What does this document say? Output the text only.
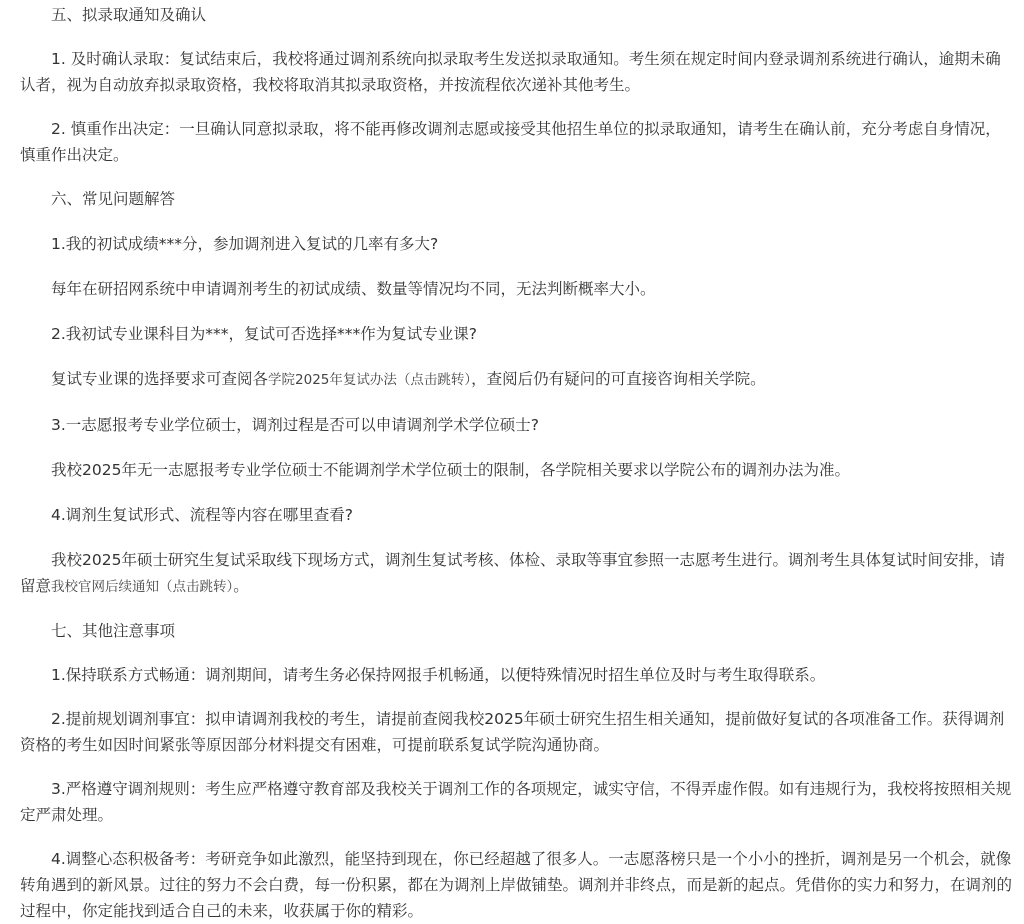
五、拟录取通知及确认

1. 及时确认录取：复试结束后，我校将通过调剂系统向拟录取考生发送拟录取通知。考生须在规定时间内登录调剂系统进行确认，逾期未确认者，视为自动放弃拟录取资格，我校将取消其拟录取资格，并按流程依次递补其他考生。

2. 慎重作出决定：一旦确认同意拟录取，将不能再修改调剂志愿或接受其他招生单位的拟录取通知，请考生在确认前，充分考虑自身情况，慎重作出决定。

六、常见问题解答

1.我的初试成绩***分，参加调剂进入复试的几率有多大?

每年在研招网系统中申请调剂考生的初试成绩、数量等情况均不同，无法判断概率大小。

2.我初试专业课科目为***，复试可否选择***作为复试专业课?

复试专业课的选择要求可查阅各学院2025年复试办法（点击跳转），查阅后仍有疑问的可直接咨询相关学院。

3.一志愿报考专业学位硕士，调剂过程是否可以申请调剂学术学位硕士?

我校2025年无一志愿报考专业学位硕士不能调剂学术学位硕士的限制，各学院相关要求以学院公布的调剂办法为准。

4.调剂生复试形式、流程等内容在哪里查看?

我校2025年硕士研究生复试采取线下现场方式，调剂生复试考核、体检、录取等事宜参照一志愿考生进行。调剂考生具体复试时间安排，请留意我校官网后续通知（点击跳转）。

七、其他注意事项

1.保持联系方式畅通：调剂期间，请考生务必保持网报手机畅通，以便特殊情况时招生单位及时与考生取得联系。

2.提前规划调剂事宜：拟申请调剂我校的考生，请提前查阅我校2025年硕士研究生招生相关通知，提前做好复试的各项准备工作。获得调剂资格的考生如因时间紧张等原因部分材料提交有困难，可提前联系复试学院沟通协商。

3.严格遵守调剂规则：考生应严格遵守教育部及我校关于调剂工作的各项规定，诚实守信，不得弄虚作假。如有违规行为，我校将按照相关规定严肃处理。

4.调整心态积极备考：考研竞争如此激烈，能坚持到现在，你已经超越了很多人。一志愿落榜只是一个小小的挫折，调剂是另一个机会，就像转角遇到的新风景。过往的努力不会白费，每一份积累，都在为调剂上岸做铺垫。调剂并非终点，而是新的起点。凭借你的实力和努力，在调剂的过程中，你定能找到适合自己的未来，收获属于你的精彩。
